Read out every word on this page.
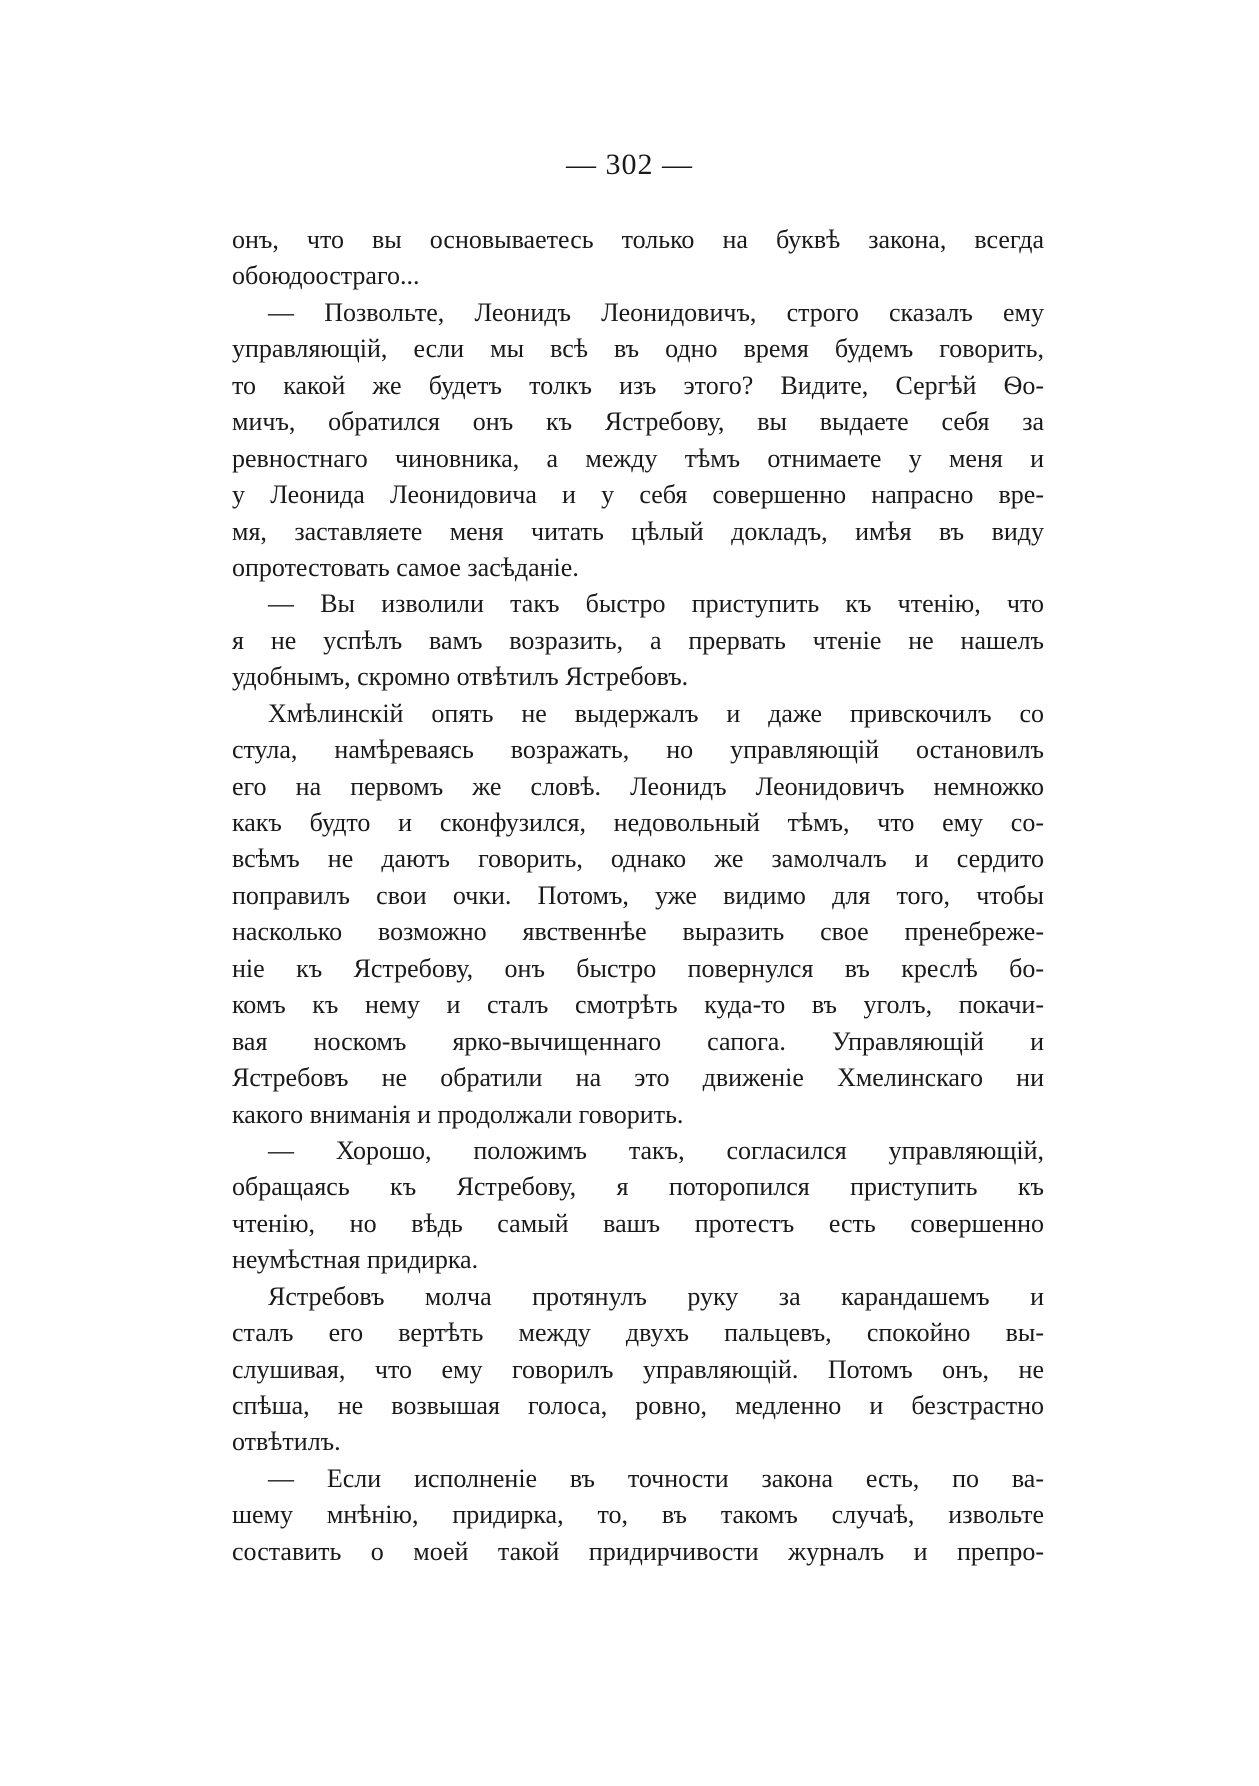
— 302 —
онъ, что вы основываетесь только на буквѣ закона, всегда
обоюдоостраго...
— Позвольте, Леонидъ Леонидовичъ, строго сказалъ ему
управляющій, если мы всѣ въ одно время будемъ говорить,
то какой же будетъ толкъ изъ этого? Видите, Сергѣй Ѳо-
мичъ, обратился онъ къ Ястребову, вы выдаете себя за
ревностнаго чиновника, а между тѣмъ отнимаете у меня и
у Леонида Леонидовича и у себя совершенно напрасно вре-
мя, заставляете меня читать цѣлый докладъ, имѣя въ виду
опротестовать самое засѣданіе.
— Вы изволили такъ быстро приступить къ чтенію, что
я не успѣлъ вамъ возразить, а прервать чтеніе не нашелъ
удобнымъ, скромно отвѣтилъ Ястребовъ.
Хмѣлинскій опять не выдержалъ и даже привскочилъ со
стула, намѣреваясь возражать, но управляющій остановилъ
его на первомъ же словѣ. Леонидъ Леонидовичъ немножко
какъ будто и сконфузился, недовольный тѣмъ, что ему со-
всѣмъ не даютъ говорить, однако же замолчалъ и сердито
поправилъ свои очки. Потомъ, уже видимо для того, чтобы
насколько возможно явственнѣе выразить свое пренебреже-
ніе къ Ястребову, онъ быстро повернулся въ креслѣ бо-
комъ къ нему и сталъ смотрѣть куда-то въ уголъ, покачи-
вая носкомъ ярко-вычищеннаго сапога. Управляющій и
Ястребовъ не обратили на это движеніе Хмелинскаго ни
какого вниманія и продолжали говорить.
— Хорошо, положимъ такъ, согласился управляющій,
обращаясь къ Ястребову, я поторопился приступить къ
чтенію, но вѣдь самый вашъ протестъ есть совершенно
неумѣстная придирка.
Ястребовъ молча протянулъ руку за карандашемъ и
сталъ его вертѣть между двухъ пальцевъ, спокойно вы-
слушивая, что ему говорилъ управляющій. Потомъ онъ, не
спѣша, не возвышая голоса, ровно, медленно и безстрастно
отвѣтилъ.
— Если исполненіе въ точности закона есть, по ва-
шему мнѣнію, придирка, то, въ такомъ случаѣ, извольте
составить о моей такой придирчивости журналъ и препро-
